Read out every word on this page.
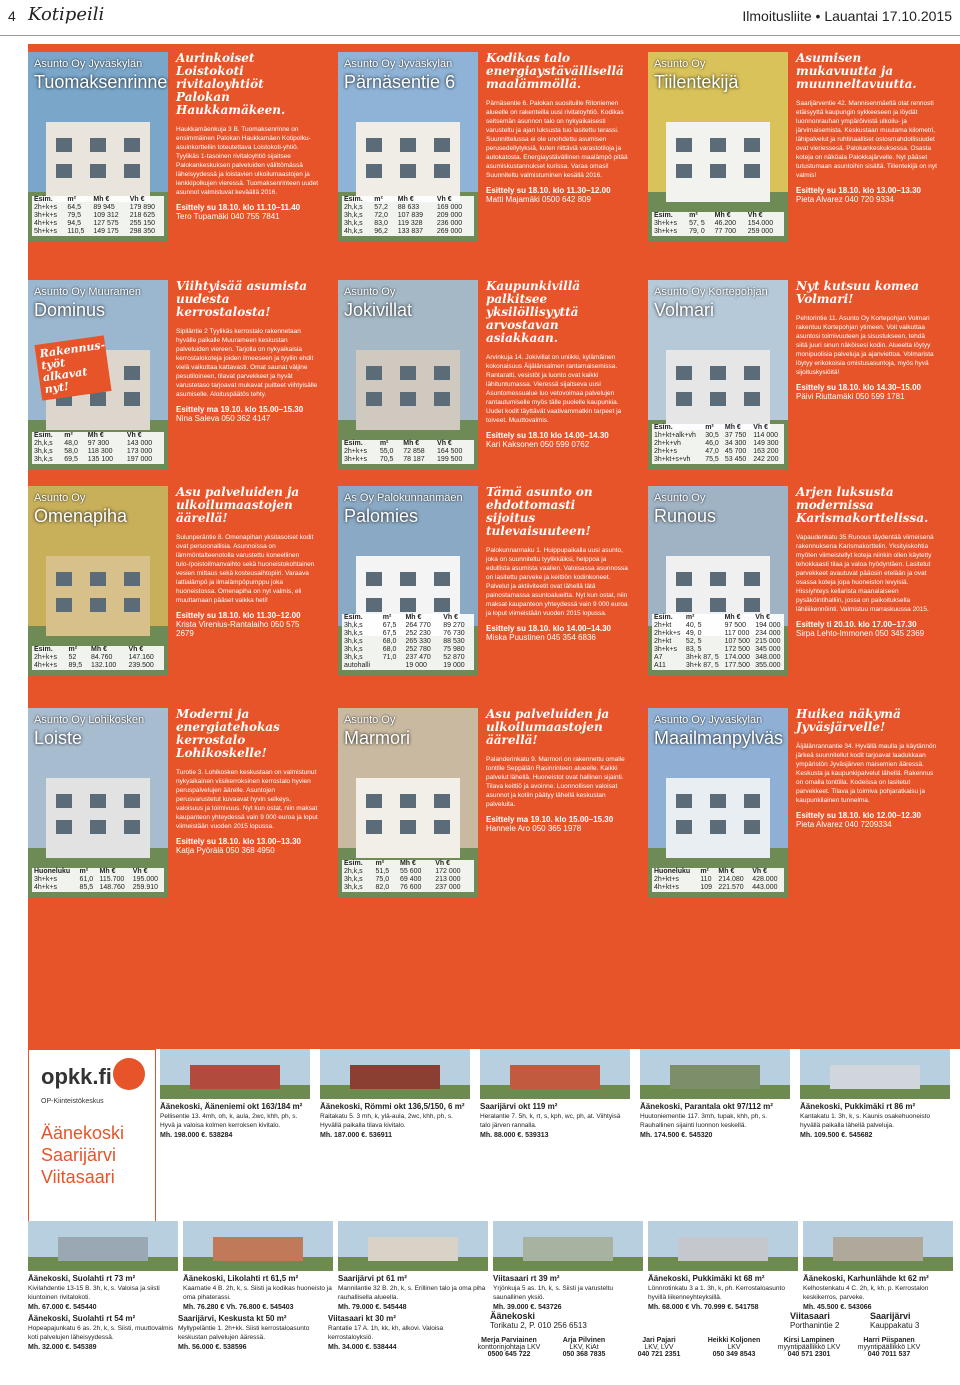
4 Kotipeili	Ilmoitusliite • Lauantai 17.10.2015
Asunto Oy Jyväskylän
Tuomaksenrinne
Esim.	m²	Mh €	Vh €
2h+k+s	64,5	89 945	179 890
3h+k+s	79,5	109 312	218 625
4h+k+s	94,5	127 575	255 150
5h+k+s	110,5	149 175	298 350
Aurinkoiset Loistokoti rivitaloyhtiöt Palokan Haukkamäkeen.
Haukkamäenkuja 3 B. Tuomaksenrinne on ensimmäinen Palokan Haukkamäen Kotipolku-asuinkortteliin toteutettava Loistokoti-yhtiö. Tyylikäs 1-tasoinen rivitaloyhtiö sijaitsee Palokankeskuksen palveluiden välittömässä läheisyydessä ja loistavien ulkoilumaastojen ja lenkkipolkujen vieressä. Tuomaksenrinteen uudet asunnot valmistuvat keväällä 2016.
Esittely su 18.10. klo 11.10–11.40
Tero Tupamäki 040 755 7841
Asunto Oy Jyväskylän
Pärnäsentie 6
Esim.	m²	Mh €	Vh €
2h,k,s	57,2	88 633	169 000
3h,k,s	72,0	107 839	209 000
3h,k,s	83,0	119 328	236 000
4h,k,s	96,2	133 837	269 000
Kodikas talo energiaystävällisellä maalämmöllä.
Pärnäsentie 6. Palokan suosituille Ritoniemen alueelle on rakenteilla uusi rivitaloyhtiö. Kodikas seitsemän asunnon talo on nykyaikaisesti varusteltu ja ajan luksusta tuo lasitettu terassi. Suunnittelussa ei ole unohdettu asumisen perusedellytyksiä, kuten riittäviä varastotiloja ja autokatosta. Energiaystävällinen maalämpö pitää asumiskustannukset kurissa. Varaa omasi! Suunniteltu valmistuminen kesällä 2016.
Esittely su 18.10. klo 11.30–12.00
Matti Majamäki 0500 642 809
Asunto Oy
Tiilentekijä
Esim.	m²	Mh €	Vh €
3h+k+s	57, 5	46.200	154.000
3h+k+s	79, 0	77 700	259 000
Asumisen mukavuutta ja muunneltavuutta.
Saarijärventie 42. Mannisenmäeltä otat rennosti etäisyyttä kaupungin sykkeeseen ja löydät luonnonrauhan ympäröivistä ulkoilu- ja järvimaisemista. Keskustaan muutama kilometri, lähipalvelut ja ruhtinaalliset ostosmahdollisuudet ovat vieriessesä. Palokankeskuksessa. Osasta koteja on näköala Palokkajärvelle. Nyt pääset tutustumaan asuntoihin sisältä. Tiilentekijä on nyt valmis!
Esittely su 18.10. klo 13.00–13.30
Pieta Alvarez 040 720 9334
Asunto Oy Muuramen
Dominus
Rakennustyöt alkavat nyt!
Esim.	m²	Mh €	Vh €
2h,k,s	48,0	97 300	143 000
3h,k,s	58,0	118 300	173 000
3h,k,s	69,5	135 100	197 000
Viihtyisää asumista uudesta kerrostalosta!
Sipiläntie 2 Tyylikäs kerrostalo rakennetaan hyvälle paikalle Muurameen keskustan palveluiden viereen. Tarjolla on nykyaikaisia kerrostalokoteja joiden ilmeeseen ja tyyliin ehdit vielä vaikuttaa kattavasti. Omat saunat väljine pesutiloineen, tilavat parvekkeet ja hyvät varustetaso tarjoavat mukavat puitteet viihtyisälle asumiselle. Aloituspäätös tehty.
Esittely ma 19.10. klo 15.00–15.30
Nina Saleva 050 362 4147
Asunto Oy
Jokivillat
Esim.	m²	Mh €	Vh €
2h+k+s	55,0	72 858	164 500
3h+k+s	70,5	78 187	199 500
Kaupunkivillä palkitsee yksilöllisyyttä arvostavan asiakkaan.
Arvinkuja 14. Jokivillat on uniikki, kylämäinen kokonaisuus Äijälänsalmen rantamaisemissa. Rantaratti, vesistöt ja luonto ovat kaikki lähituntumassa. Vieressä sijaitseva uusi Asuntomessualue luo vetovoimaa palvelujen rantautumiselle myös tälle puolelle kaupunkia. Uudet kodit täyttävät vaativammatkin tarpeet ja toiveet. Muuttovalmis.
Esittely su 18.10 klo 14.00–14.30
Kari Kaksonen 050 599 0762
Asunto Oy Kortepohjan
Volmari
Esim.	m²	Mh €	Vh €
1h+kt+alk+vh	30,5	37 750	114 000
2h+k+vh	46,0	34 300	149 300
2h+k+s	47,0	45 700	163 200
3h+kt+s+vh	75,5	53 450	242 200
Nyt kutsuu komea Volmari!
Pehtorintie 11. Asunto Oy Kortepohjan Volmari rakentuu Kortepohjan ytimeen. Voit vaikuttaa asuntosi toimivuuteen ja sisustukseen, tehdä siitä juuri sinun näköisesi kodin. Alueelta löytyy monipuolisia palveluja ja ajanviettoa. Volmarista löytyy erikokoisia omistusasuntoja, myös hyvä sijoituskysiöitä!
Esittely su 18.10. klo 14.30–15.00
Päivi Riuttamäki 050 599 1781
Asunto Oy
Omenapiha
Esim.	m²	Mh €	Vh €
2h+k+s	52	84.760	147.160
4h+k+s	89,5	132.100	239.500
Asu palveluiden ja ulkoilumaastojen äärellä!
Sulunperäntie 8. Omenapihan yksitasoiset kodit ovat persoonallisia. Asunnoissa on lämmöntalteenotolla varustettu koneellinen tulo-/poistoilmanvaihto sekä huoneistokohtainen vesien mittaus sekä kosteusaihtopiiri. Varaava lattialämpö ja ilmalämpöpumppu joka huoneistossa. Omenapiha on nyt valmis, eli muuttamaan pääset vaikka heti!
Esittely su 18.10. klo 11.30–12.00
Krista Virenius-Rantalaiho 050 575 2679
As Oy Palokunnanmäen
Palomies
Esim.	m²	Mh €	Vh €
3h,k,s	67,5	264 770	89 270
3h,k,s	67,5	252 230	76 730
3h,k,s	68,0	265 330	88 530
3h,k,s	68,0	252 780	75 980
3h,k,s	71,0	237 470	52 870
autohalli		19 000	19 000
Tämä asunto on ehdottomasti sijoitus tulevaisuuteen!
Palokunnannaku 1. Huippupaikalla uusi asunto, joka on suunniteltu tyylikkäiksi, helppoa ja edullista asumista vaalien. Valoisassa asunnossa on lasitettu parveke ja keittiön kodinkoneet. Palvelut ja aktiiviteetit ovat lähellä tätä painostamassa asuntoalueitta. Nyt kun ostat, niin maksat kaupanteon yhteydessä vain 9 000 euroa ja loput viimeistään vuoden 2015 lopussa.
Esittely su 18.10. klo 14.00–14.30
Miska Puustinen 045 354 6836
Asunto Oy
Runous
Esim.	m²	Mh €	Vh €
2h+kt	40, 5	97 500	194 000
2h+kk+s	49, 0	117 000	234 000
2h+kt	52, 5	107 500	215 000
3h+k+s	83, 5	172 500	345 000
A7	3h+k 87, 5	174.000	348.000
A11	3h+k 87, 5	177.500	355.000
Arjen luksusta modernissa Karismakorttelissa.
Vapaudenkatu 35 Runous täydentää viimeisenä rakennuksena Karismakorttelin. Yksityiskohtia myöten viimeistellyt koteja niinkin ollen käytetty tehokkaasti tilaa ja valoa hyödyntäen. Lasitetut parvekkeet avautuvat pääosin etelään ja ovat osassa koteja jopa huoneiston levyisiä. Hissiyhteys kellarista maanalaiseen pysäköintihalliin, jossa on paikoituksella lähiliikennöinti. Valmistuu marraskuussa 2015.
Esittely ti 20.10. klo 17.00–17.30
Sirpa Lehto-Immonen 050 345 2369
Asunto Oy Lohikosken
Loiste
Huoneluku	m²	Mh €	Vh €
3h+k+s	61,0	115.700	195.000
4h+k+s	85,5	148.760	259.910
Moderni ja energiatehokas kerrostalo Lohikoskelle!
Turotie 3. Lohikosken keskustaan on valmistunut nykyaikainen viisikerroksinen kerrostalo hyvien peruspalvelujen äärelle. Asuntojen perusvarustetut kuvaavat hyvin selkeys, valoisuus ja toimivuus. Nyt kun ostat, niin maksat kaupanteon yhteydessä vain 9 000 euroa ja loput viimeistään vuoden 2015 lopussa.
Esittely su 18.10. klo 13.00–13.30
Katja Pyörälä 050 368 4950
Asunto Oy
Marmori
Esim.	m²	Mh €	Vh €
2h,k,s	51,5	55 600	172 000
3h,k,s	75,0	69 400	213 000
3h,k,s	82,0	76 600	237 000
Asu palveluiden ja ulkoilumaastojen äärellä!
Palanderinkatu 9. Marmori on rakennettu omalle tontille Seppälän Rasinrinteen alueelle. Kaikki palvelut lähellä. Huoneistot ovat hallinen sijainti. Tilava keittiö ja avoinne. Luonnollisen valoisat asunnot ja kotiin päätyy lähellä keskustan palveluita.
Esittely ma 19.10. klo 15.00–15.30
Hannele Aro 050 365 1978
Asunto Oy Jyväskylän
Maailmanpylväs
Huoneluku	m²	Mh €	Vh €
2h+kt+s	110	214.080	428.000
4h+kt+s	109	221.570	443.000
Huikea näkymä Jyväsjärvelle!
Äijälänrannantie 34. Hyvällä maulla ja käytännön järkeä suunnitellut kodit tarjoavat laadukkaan ympäristön Jyväsjärven maisemien ääressä. Keskusta ja kaupunkipalvelut lähellä. Rakennus on omalla tonttilla. Kodeissa on lasitetut parvekkeet. Tilava ja toimiva pohjaratkaisu ja kaupunkilainen tunnelma.
Esittely su 18.10. klo 12.00–12.30
Pieta Alvarez 040 7209334
opkk.fi
OP-Kiinteistökeskus
Äänekoski
Saarijärvi
Viitasaari
Äänekoski, Ääneniemi okt 163/184 m²
Pellisentie 13. 4mh, oh, k, aula, 2wc, khh, ph, s. Hyvä ja valoisa kolmen kerroksen kivitalo.
Mh. 198.000 €. 538284
Äänekoski, Römmi okt 136,5/150, 6 m²
Raitakatu 5. 3 mh, k, ylä-aula, 2wc, khh, ph, s. Hyvällä paikalla tilava kivitalo.
Mh. 187.000 €. 536911
Saarijärvi okt 119 m²
Heralantie 7. 5h, k, rt, s, kph, wc, ph, at. Viihtyisä talo järven rannalla.
Mh. 88.000 €. 539313
Äänekoski, Parantala okt 97/112 m²
Huutoniementie 117. 3mh, tupak, khh, ph, s. Rauhallinen sijainti luonnon keskellä.
Mh. 174.500 €. 545320
Äänekoski, Pukkimäki rt 86 m²
Kantakatu 1. 3h, k, s. Kaunis osakehuoneisto hyvällä paikalla lähellä palveluja.
Mh. 109.500 €. 545682
Äänekoski, Suolahti rt 73 m²
Kivilahdentie 13-15 B. 3h, k, s. Valoisa ja siisti kiuntoinen rivitalokoti.
Mh. 67.000 €. 545440
Äänekoski, Likolahti rt 61,5 m²
Kaarnatie 4 B. 2h, k, s. Siisti ja kodikas huoneisto ja oma pihaterassi.
Mh. 76.280 € Vh. 76.800 €. 545403
Saarijärvi pt 61 m²
Mannilantie 32 B. 2h, k, s. Erillinen talo ja oma piha rauhallisella alueella.
Mh. 79.000 €. 545448
Viitasaari rt 39 m²
Yrjönkuja 5 as. 1h, k, s. Siisti ja varusteltu saunallinen yksiö.
Mh. 39.000 €. 543726
Äänekoski, Pukkimäki kt 68 m²
Lönnrotinkatu 3 a 1. 3h, k, ph. Kerrostaloasunto hyvillä liikenneyhteyksillä.
Mh. 68.000 € Vh. 70.999 €. 541758
Äänekoski, Karhunlähde kt 62 m²
Kelhostenkatu 4 C. 2h, k, kh, p. Kerrostalon keskikerros, parveke.
Mh. 45.500 €. 543066
Äänekoski, Suolahti rt 54 m²
Hopeapajunkatu 6 as. 2h, k, s. Siisti, muuttovalmis koti palvelujen läheisyydessä.
Mh. 32.000 €. 545389
Saarijärvi, Keskusta kt 50 m²
Myllypeläntie 1. 2h+kk. Siisti kerrostaloasunto keskustan palvelujen ääressä.
Mh. 56.000 €. 538596
Viitasaari kt 30 m²
Rantatie 17 A. 1h, kk, kh, alkovi. Valoisa kerrostaloyksiö.
Mh. 34.000 €. 538444
Äänekoski
Torikatu 2, P. 010 256 6513
Viitasaari
Porthanintie 2
Saarijärvi
Kauppakatu 3
Merja Parviainen
konttorinjohtaja LKV
0500 645 722
Arja Pilvinen
LKV, KiAt
050 368 7835
Jari Pajari
LKV, LVV
040 721 2351
Heikki Koljonen
LKV
050 349 8543
Kirsi Lampinen
myyntipäällikkö LKV
040 571 2301
Harri Piispanen
myyntipäällikkö LKV
040 7011 537
